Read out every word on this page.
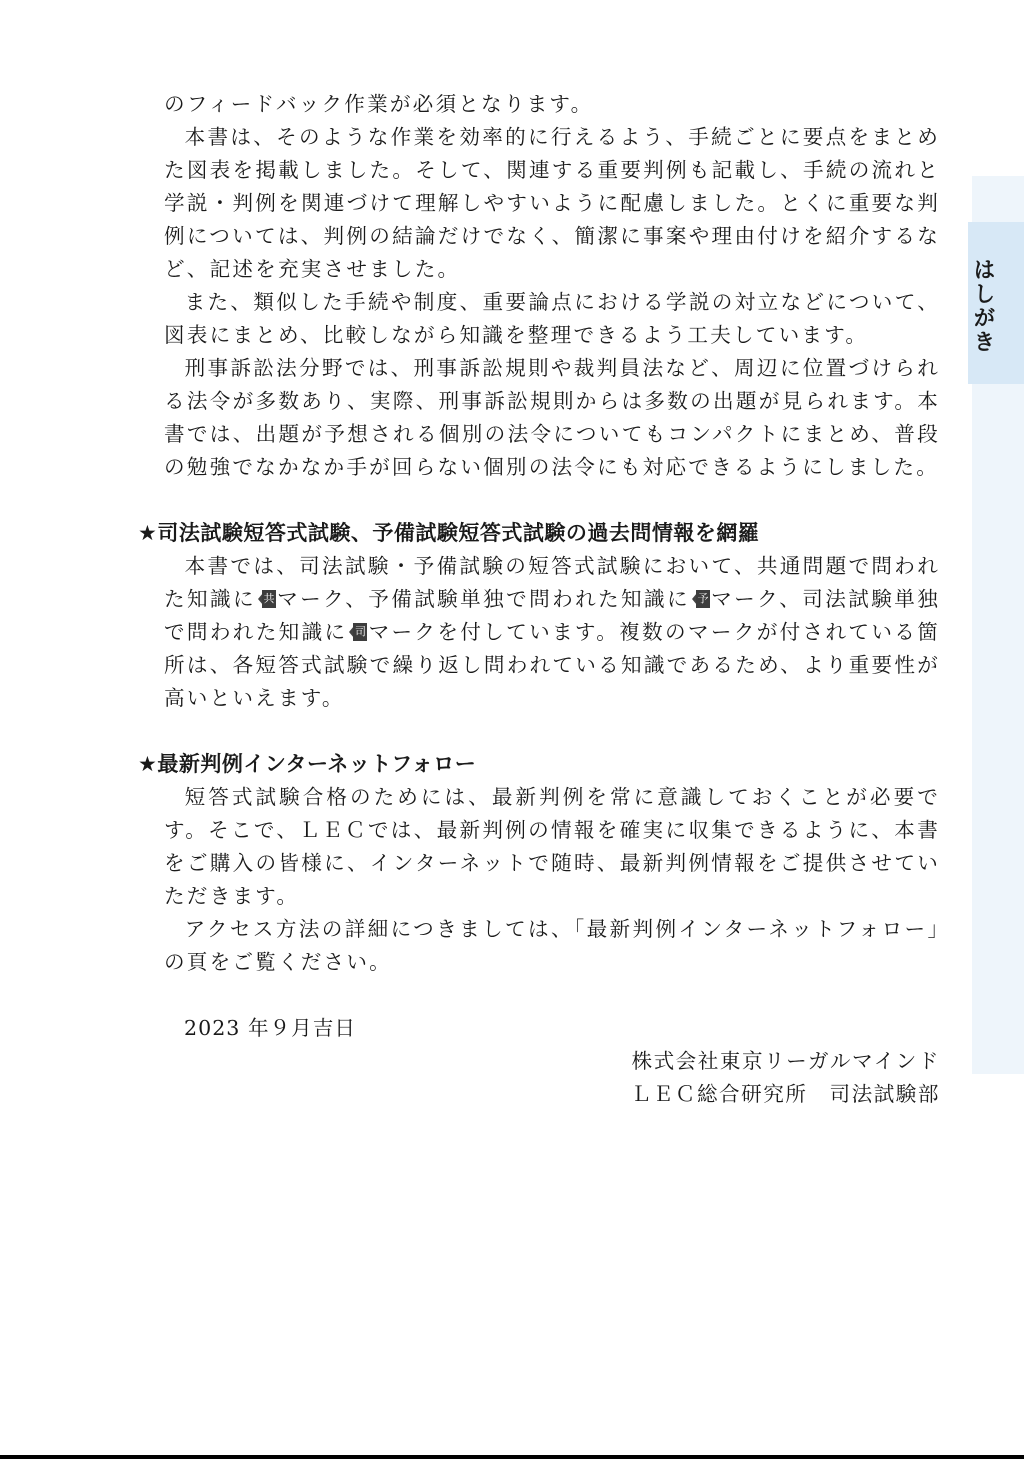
はしがき

のフィードバック作業が必須となります。

本書は、そのような作業を効率的に行えるよう、手続ごとに要点をまとめた図表を掲載しました。そして、関連する重要判例も記載し、手続の流れと学説・判例を関連づけて理解しやすいように配慮しました。とくに重要な判例については、判例の結論だけでなく、簡潔に事案や理由付けを紹介するなど、記述を充実させました。

また、類似した手続や制度、重要論点における学説の対立などについて、図表にまとめ、比較しながら知識を整理できるよう工夫しています。

刑事訴訟法分野では、刑事訴訟規則や裁判員法など、周辺に位置づけられる法令が多数あり、実際、刑事訴訟規則からは多数の出題が見られます。本書では、出題が予想される個別の法令についてもコンパクトにまとめ、普段の勉強でなかなか手が回らない個別の法令にも対応できるようにしました。

★司法試験短答式試験、予備試験短答式試験の過去問情報を網羅

本書では、司法試験・予備試験の短答式試験において、共通問題で問われた知識に 共 マーク、予備試験単独で問われた知識に 予 マーク、司法試験単独で問われた知識に 司 マークを付しています。複数のマークが付されている箇所は、各短答式試験で繰り返し問われている知識であるため、より重要性が高いといえます。

★最新判例インターネットフォロー

短答式試験合格のためには、最新判例を常に意識しておくことが必要です。そこで、ＬＥＣでは、最新判例の情報を確実に収集できるように、本書をご購入の皆様に、インターネットで随時、最新判例情報をご提供させていただきます。

アクセス方法の詳細につきましては、「最新判例インターネットフォロー」の頁をご覧ください。

2023 年９月吉日

株式会社東京リーガルマインド

ＬＥＣ総合研究所　司法試験部
